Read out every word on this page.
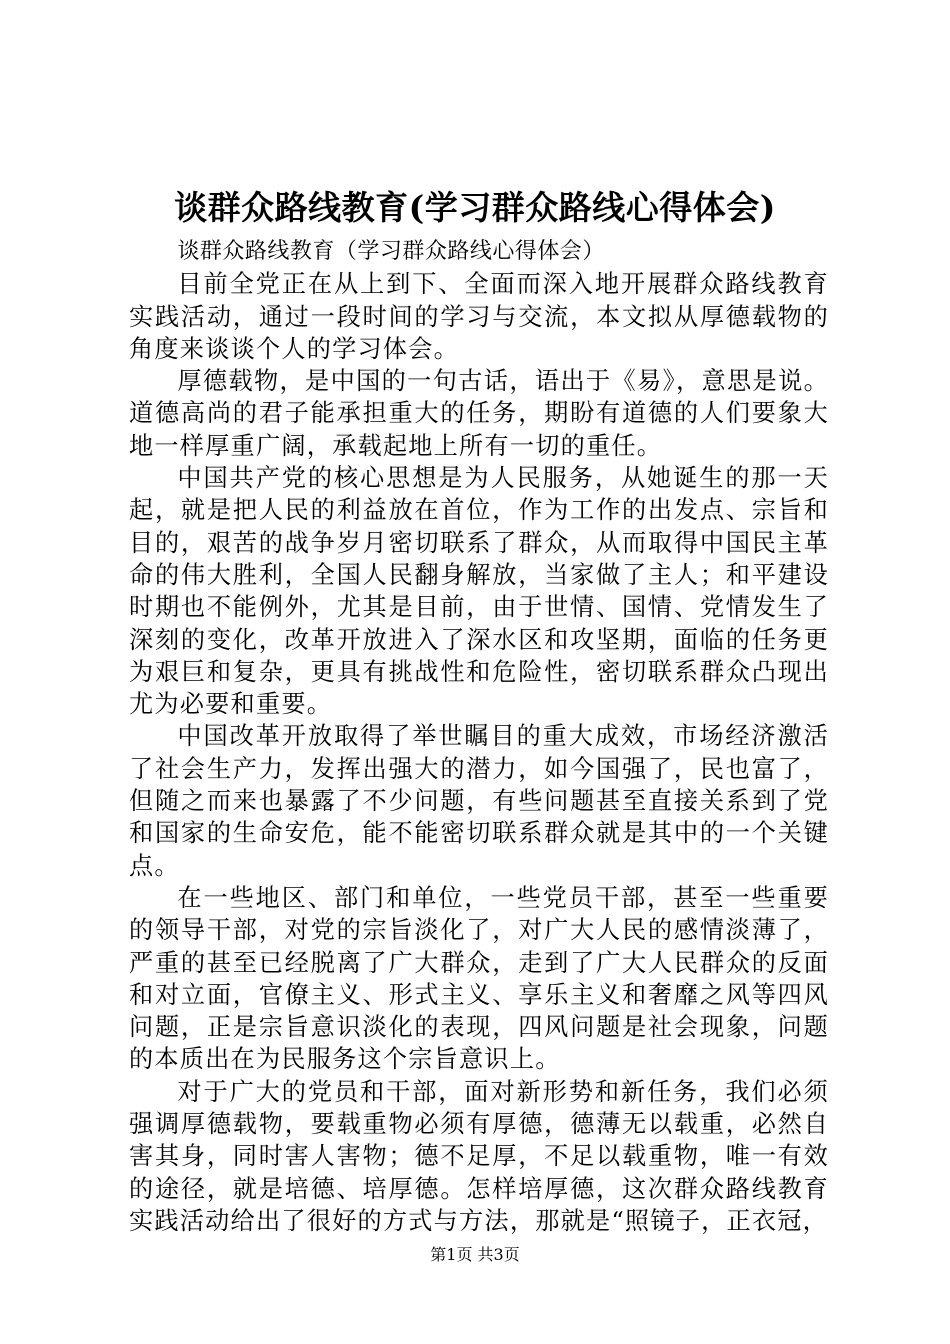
谈群众路线教育(学习群众路线心得体会)

谈群众路线教育（学习群众路线心得体会）

目前全党正在从上到下、全面而深入地开展群众路线教育实践活动，通过一段时间的学习与交流，本文拟从厚德载物的角度来谈谈个人的学习体会。

厚德载物，是中国的一句古话，语出于《易》，意思是说。道德高尚的君子能承担重大的任务，期盼有道德的人们要象大地一样厚重广阔，承载起地上所有一切的重任。

中国共产党的核心思想是为人民服务，从她诞生的那一天起，就是把人民的利益放在首位，作为工作的出发点、宗旨和目的，艰苦的战争岁月密切联系了群众，从而取得中国民主革命的伟大胜利，全国人民翻身解放，当家做了主人；和平建设时期也不能例外，尤其是目前，由于世情、国情、党情发生了深刻的变化，改革开放进入了深水区和攻坚期，面临的任务更为艰巨和复杂，更具有挑战性和危险性，密切联系群众凸现出尤为必要和重要。

中国改革开放取得了举世瞩目的重大成效，市场经济激活了社会生产力，发挥出强大的潜力，如今国强了，民也富了，但随之而来也暴露了不少问题，有些问题甚至直接关系到了党和国家的生命安危，能不能密切联系群众就是其中的一个关键点。

在一些地区、部门和单位，一些党员干部，甚至一些重要的领导干部，对党的宗旨淡化了，对广大人民的感情淡薄了，严重的甚至已经脱离了广大群众，走到了广大人民群众的反面和对立面，官僚主义、形式主义、享乐主义和奢靡之风等四风问题，正是宗旨意识淡化的表现，四风问题是社会现象，问题的本质出在为民服务这个宗旨意识上。

对于广大的党员和干部，面对新形势和新任务，我们必须强调厚德载物，要载重物必须有厚德，德薄无以载重，必然自害其身，同时害人害物；德不足厚，不足以载重物，唯一有效的途径，就是培德、培厚德。怎样培厚德，这次群众路线教育实践活动给出了很好的方式与方法，那就是“照镜子，正衣冠，

第1页 共3页
